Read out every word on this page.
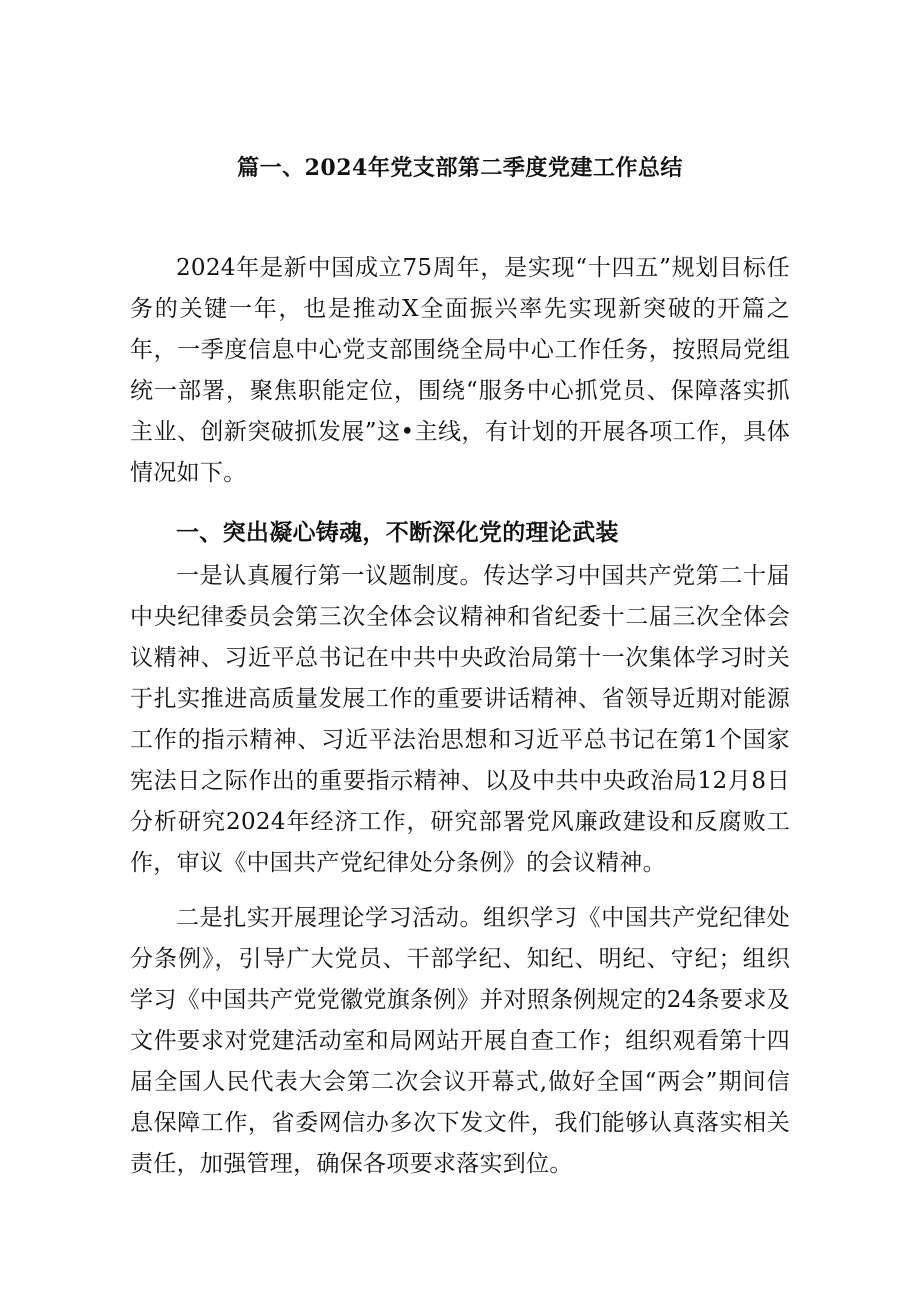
篇一、2024年党支部第二季度党建工作总结

2024年是新中国成立75周年，是实现“十四五”规划目标任务的关键一年，也是推动X全面振兴率先实现新突破的开篇之年，一季度信息中心党支部围绕全局中心工作任务，按照局党组统一部署，聚焦职能定位，围绕“服务中心抓党员、保障落实抓主业、创新突破抓发展”这•主线，有计划的开展各项工作，具体情况如下。

一、突出凝心铸魂，不断深化党的理论武装

一是认真履行第一议题制度。传达学习中国共产党第二十届中央纪律委员会第三次全体会议精神和省纪委十二届三次全体会议精神、习近平总书记在中共中央政治局第十一次集体学习时关于扎实推进高质量发展工作的重要讲话精神、省领导近期对能源工作的指示精神、习近平法治思想和习近平总书记在第1个国家宪法日之际作出的重要指示精神、以及中共中央政治局12月8日分析研究2024年经济工作，研究部署党风廉政建设和反腐败工作，审议《中国共产党纪律处分条例》的会议精神。

二是扎实开展理论学习活动。组织学习《中国共产党纪律处分条例》，引导广大党员、干部学纪、知纪、明纪、守纪；组织学习《中国共产党党徽党旗条例》并对照条例规定的24条要求及文件要求对党建活动室和局网站开展自查工作；组织观看第十四届全国人民代表大会第二次会议开幕式,做好全国“两会”期间信息保障工作，省委网信办多次下发文件，我们能够认真落实相关责任，加强管理，确保各项要求落实到位。
